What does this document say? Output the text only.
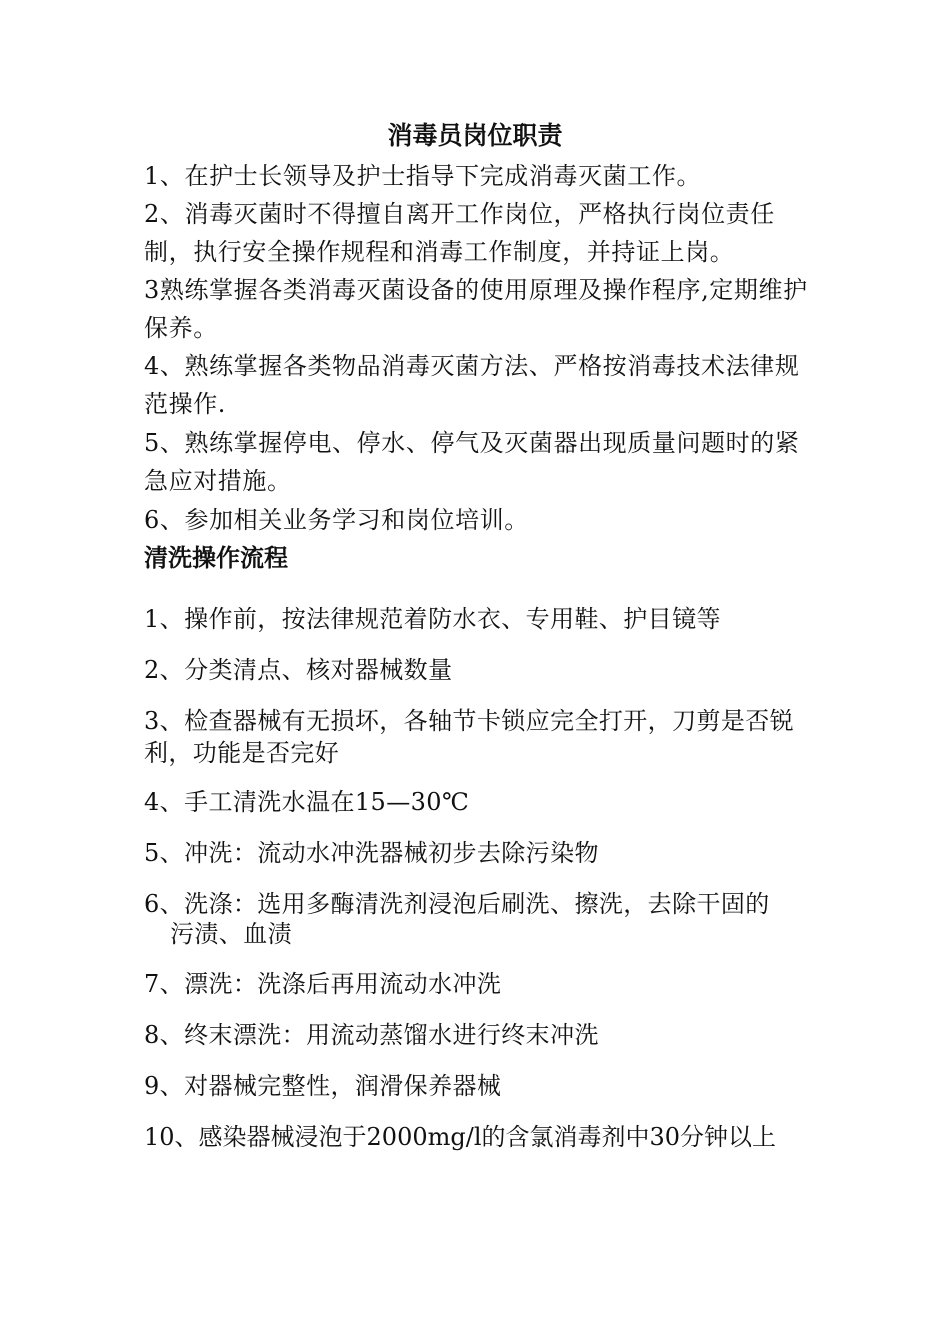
消毒员岗位职责

1、在护士长领导及护士指导下完成消毒灭菌工作。

2、消毒灭菌时不得擅自离开工作岗位，严格执行岗位责任制，执行安全操作规程和消毒工作制度，并持证上岗。

3熟练掌握各类消毒灭菌设备的使用原理及操作程序,定期维护保养。

4、熟练掌握各类物品消毒灭菌方法、严格按消毒技术法律规范操作.

5、熟练掌握停电、停水、停气及灭菌器出现质量问题时的紧急应对措施。

6、参加相关业务学习和岗位培训。

清洗操作流程

1、操作前，按法律规范着防水衣、专用鞋、护目镜等

2、分类清点、核对器械数量

3、检查器械有无损坏，各轴节卡锁应完全打开，刀剪是否锐利，功能是否完好

4、手工清洗水温在15—30℃

5、冲洗：流动水冲洗器械初步去除污染物

6、洗涤：选用多酶清洗剂浸泡后刷洗、擦洗，去除干固的

污渍、血渍

7、漂洗：洗涤后再用流动水冲洗

8、终末漂洗：用流动蒸馏水进行终末冲洗

9、对器械完整性，润滑保养器械

10、感染器械浸泡于2000mg/l的含氯消毒剂中30分钟以上
